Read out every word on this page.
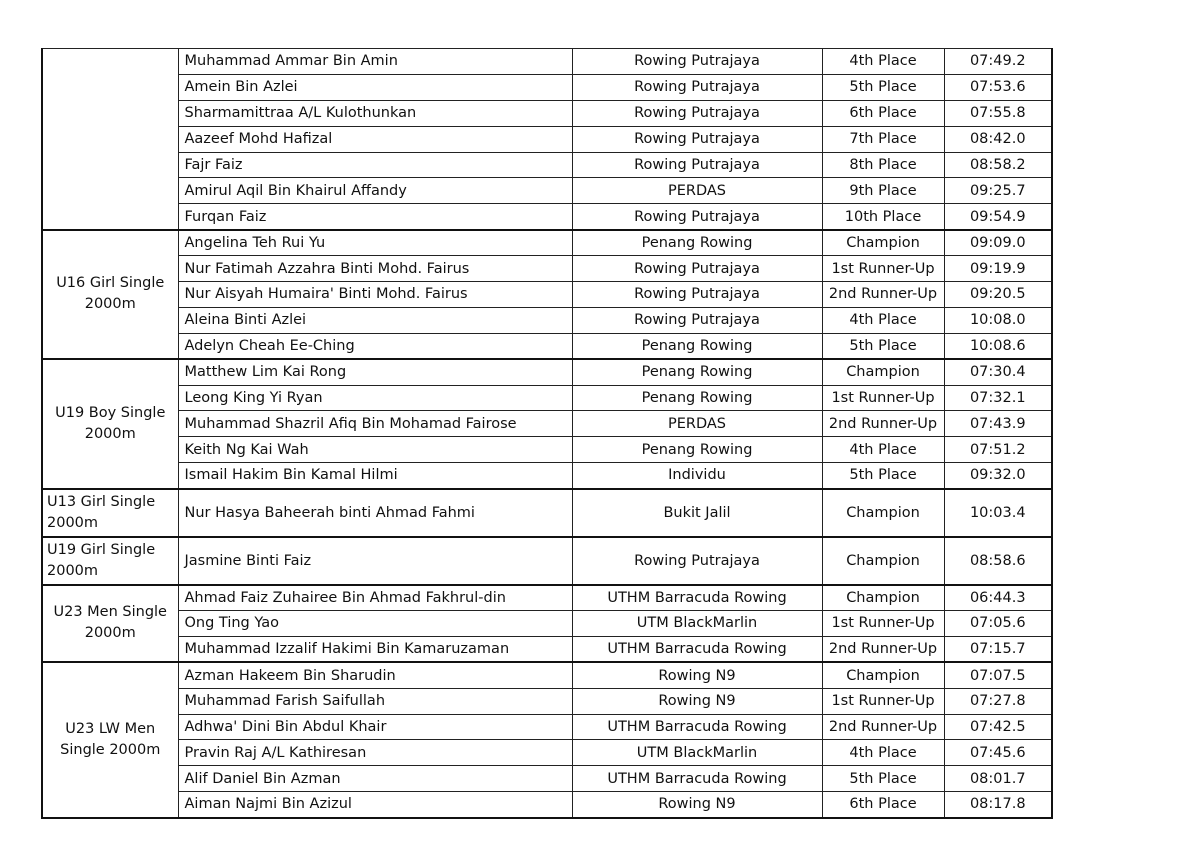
	Muhammad Ammar Bin Amin	Rowing Putrajaya	4th Place	07:49.2
	Amein Bin Azlei	Rowing Putrajaya	5th Place	07:53.6
	Sharmamittraa A/L Kulothunkan	Rowing Putrajaya	6th Place	07:55.8
	Aazeef Mohd Hafizal	Rowing Putrajaya	7th Place	08:42.0
	Fajr Faiz	Rowing Putrajaya	8th Place	08:58.2
	Amirul Aqil Bin Khairul Affandy	PERDAS	9th Place	09:25.7
	Furqan Faiz	Rowing Putrajaya	10th Place	09:54.9
U16 Girl Single 2000m	Angelina Teh Rui Yu	Penang Rowing	Champion	09:09.0
	Nur Fatimah Azzahra Binti Mohd. Fairus	Rowing Putrajaya	1st Runner-Up	09:19.9
	Nur Aisyah Humaira' Binti Mohd. Fairus	Rowing Putrajaya	2nd Runner-Up	09:20.5
	Aleina Binti Azlei	Rowing Putrajaya	4th Place	10:08.0
	Adelyn Cheah Ee-Ching	Penang Rowing	5th Place	10:08.6
U19 Boy Single 2000m	Matthew Lim Kai Rong	Penang Rowing	Champion	07:30.4
	Leong King Yi Ryan	Penang Rowing	1st Runner-Up	07:32.1
	Muhammad Shazril Afiq Bin Mohamad Fairose	PERDAS	2nd Runner-Up	07:43.9
	Keith Ng Kai Wah	Penang Rowing	4th Place	07:51.2
	Ismail Hakim Bin Kamal Hilmi	Individu	5th Place	09:32.0
U13 Girl Single 2000m	Nur Hasya Baheerah binti Ahmad Fahmi	Bukit Jalil	Champion	10:03.4
U19 Girl Single 2000m	Jasmine Binti Faiz	Rowing Putrajaya	Champion	08:58.6
U23 Men Single 2000m	Ahmad Faiz Zuhairee Bin Ahmad Fakhrul-din	UTHM Barracuda Rowing	Champion	06:44.3
	Ong Ting Yao	UTM BlackMarlin	1st Runner-Up	07:05.6
	Muhammad Izzalif Hakimi Bin Kamaruzaman	UTHM Barracuda Rowing	2nd Runner-Up	07:15.7
U23 LW Men Single 2000m	Azman Hakeem Bin Sharudin	Rowing N9	Champion	07:07.5
	Muhammad Farish Saifullah	Rowing N9	1st Runner-Up	07:27.8
	Adhwa' Dini Bin Abdul Khair	UTHM Barracuda Rowing	2nd Runner-Up	07:42.5
	Pravin Raj A/L Kathiresan	UTM BlackMarlin	4th Place	07:45.6
	Alif Daniel Bin Azman	UTHM Barracuda Rowing	5th Place	08:01.7
	Aiman Najmi Bin Azizul	Rowing N9	6th Place	08:17.8
